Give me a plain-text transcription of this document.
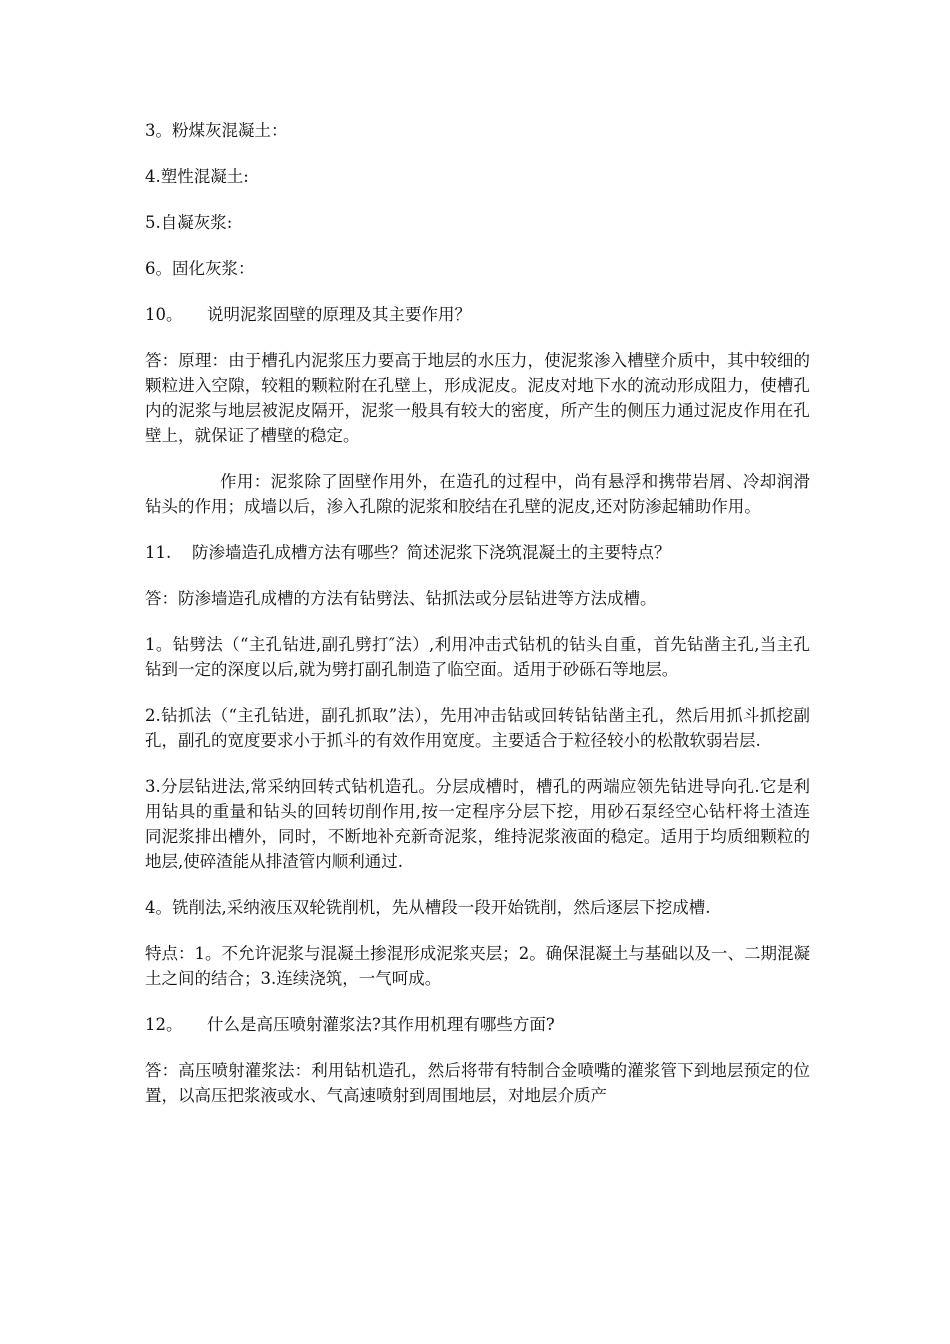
3。粉煤灰混凝土：

4.塑性混凝土:

5.自凝灰浆:

6。固化灰浆：

10。 说明泥浆固壁的原理及其主要作用？

答：原理：由于槽孔内泥浆压力要高于地层的水压力，使泥浆渗入槽壁介质中，其中较细的颗粒进入空隙，较粗的颗粒附在孔壁上，形成泥皮。泥皮对地下水的流动形成阻力，使槽孔内的泥浆与地层被泥皮隔开，泥浆一般具有较大的密度，所产生的侧压力通过泥皮作用在孔壁上，就保证了槽壁的稳定。

作用：泥浆除了固壁作用外，在造孔的过程中，尚有悬浮和携带岩屑、冷却润滑钻头的作用；成墙以后，渗入孔隙的泥浆和胶结在孔壁的泥皮,还对防渗起辅助作用。

11. 防渗墙造孔成槽方法有哪些？简述泥浆下浇筑混凝土的主要特点？

答：防渗墙造孔成槽的方法有钻劈法、钻抓法或分层钻进等方法成槽。

1。钻劈法（“主孔钻进,副孔劈打″法）,利用冲击式钻机的钻头自重，首先钻凿主孔,当主孔钻到一定的深度以后,就为劈打副孔制造了临空面。适用于砂砾石等地层。

2.钻抓法（“主孔钻进，副孔抓取”法），先用冲击钻或回转钻钻凿主孔，然后用抓斗抓挖副孔，副孔的宽度要求小于抓斗的有效作用宽度。主要适合于粒径较小的松散软弱岩层.

3.分层钻进法,常采纳回转式钻机造孔。分层成槽时，槽孔的两端应领先钻进导向孔.它是利用钻具的重量和钻头的回转切削作用,按一定程序分层下挖，用砂石泵经空心钻杆将土渣连同泥浆排出槽外，同时，不断地补充新奇泥浆，维持泥浆液面的稳定。适用于均质细颗粒的地层,使碎渣能从排渣管内顺利通过.

4。铣削法,采纳液压双轮铣削机，先从槽段一段开始铣削，然后逐层下挖成槽.

特点：1。不允许泥浆与混凝土掺混形成泥浆夹层；2。确保混凝土与基础以及一、二期混凝土之间的结合；3.连续浇筑，一气呵成。

12。 什么是高压喷射灌浆法?其作用机理有哪些方面?

答：高压喷射灌浆法：利用钻机造孔，然后将带有特制合金喷嘴的灌浆管下到地层预定的位置，以高压把浆液或水、气高速喷射到周围地层，对地层介质产
